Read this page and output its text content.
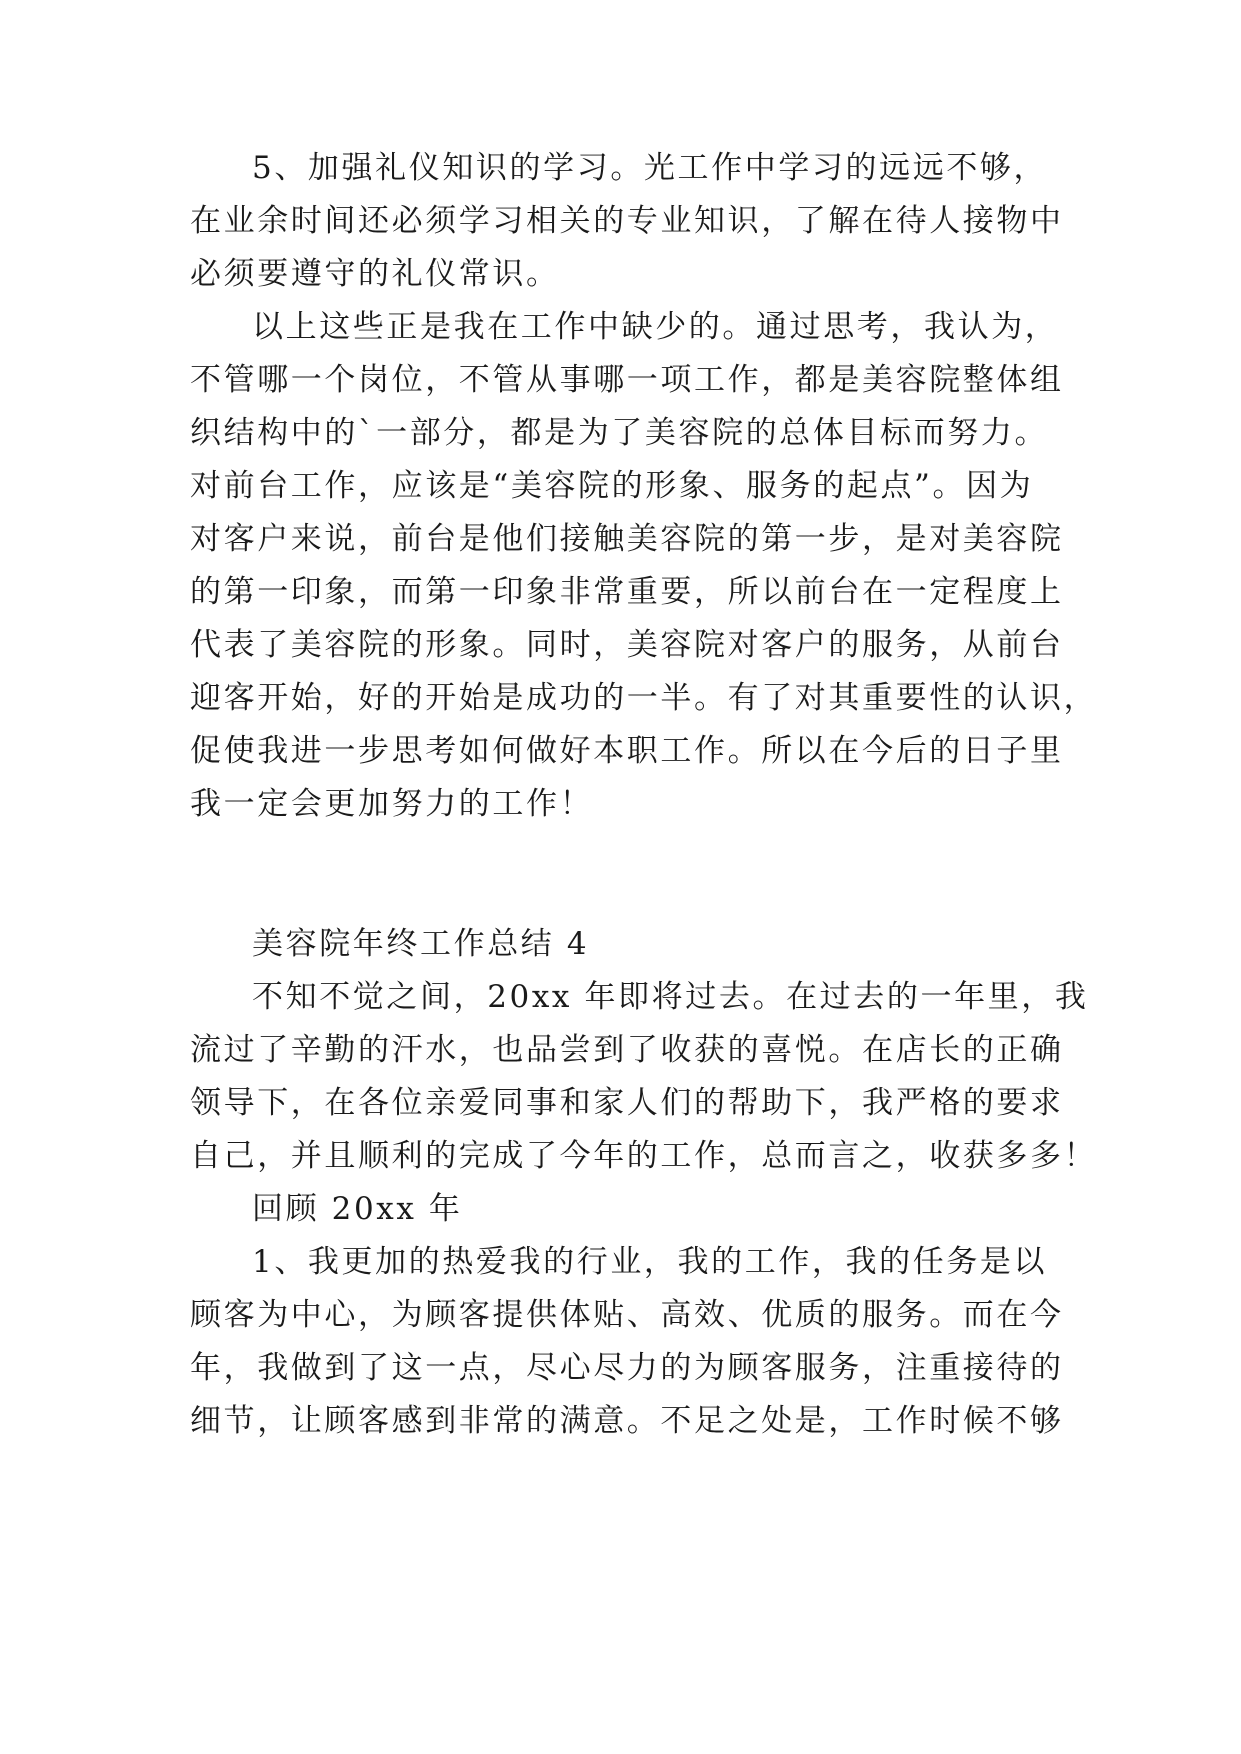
5、加强礼仪知识的学习。光工作中学习的远远不够，
在业余时间还必须学习相关的专业知识，了解在待人接物中
必须要遵守的礼仪常识。
以上这些正是我在工作中缺少的。通过思考，我认为，
不管哪一个岗位，不管从事哪一项工作，都是美容院整体组
织结构中的`一部分，都是为了美容院的总体目标而努力。
对前台工作，应该是“美容院的形象、服务的起点”。因为
对客户来说，前台是他们接触美容院的第一步，是对美容院
的第一印象，而第一印象非常重要，所以前台在一定程度上
代表了美容院的形象。同时，美容院对客户的服务，从前台
迎客开始，好的开始是成功的一半。有了对其重要性的认识，
促使我进一步思考如何做好本职工作。所以在今后的日子里
我一定会更加努力的工作！
美容院年终工作总结 4
不知不觉之间，20xx 年即将过去。在过去的一年里，我
流过了辛勤的汗水，也品尝到了收获的喜悦。在店长的正确
领导下，在各位亲爱同事和家人们的帮助下，我严格的要求
自己，并且顺利的完成了今年的工作，总而言之，收获多多！
回顾 20xx 年
1、我更加的热爱我的行业，我的工作，我的任务是以
顾客为中心，为顾客提供体贴、高效、优质的服务。而在今
年，我做到了这一点，尽心尽力的为顾客服务，注重接待的
细节，让顾客感到非常的满意。不足之处是，工作时候不够
